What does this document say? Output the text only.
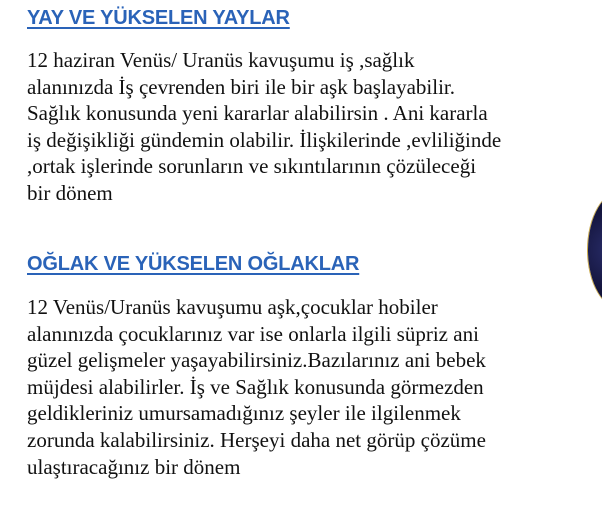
YAY VE YÜKSELEN YAYLAR

12 haziran Venüs/ Uranüs kavuşumu iş ,sağlık
alanınızda İş çevrenden biri ile bir aşk başlayabilir.
Sağlık konusunda yeni kararlar alabilirsin . Ani kararla
iş değişikliği gündemin olabilir. İlişkilerinde ,evliliğinde
,ortak işlerinde sorunların ve sıkıntılarının çözüleceği
bir dönem

OĞLAK VE YÜKSELEN OĞLAKLAR

12 Venüs/Uranüs kavuşumu aşk,çocuklar hobiler
alanınızda çocuklarınız var ise onlarla ilgili süpriz ani
güzel gelişmeler yaşayabilirsiniz.Bazılarınız ani bebek
müjdesi alabilirler. İş ve Sağlık konusunda görmezden
geldikleriniz umursamadığınız şeyler ile ilgilenmek
zorunda kalabilirsiniz. Herşeyi daha net görüp çözüme
ulaştıracağınız bir dönem
